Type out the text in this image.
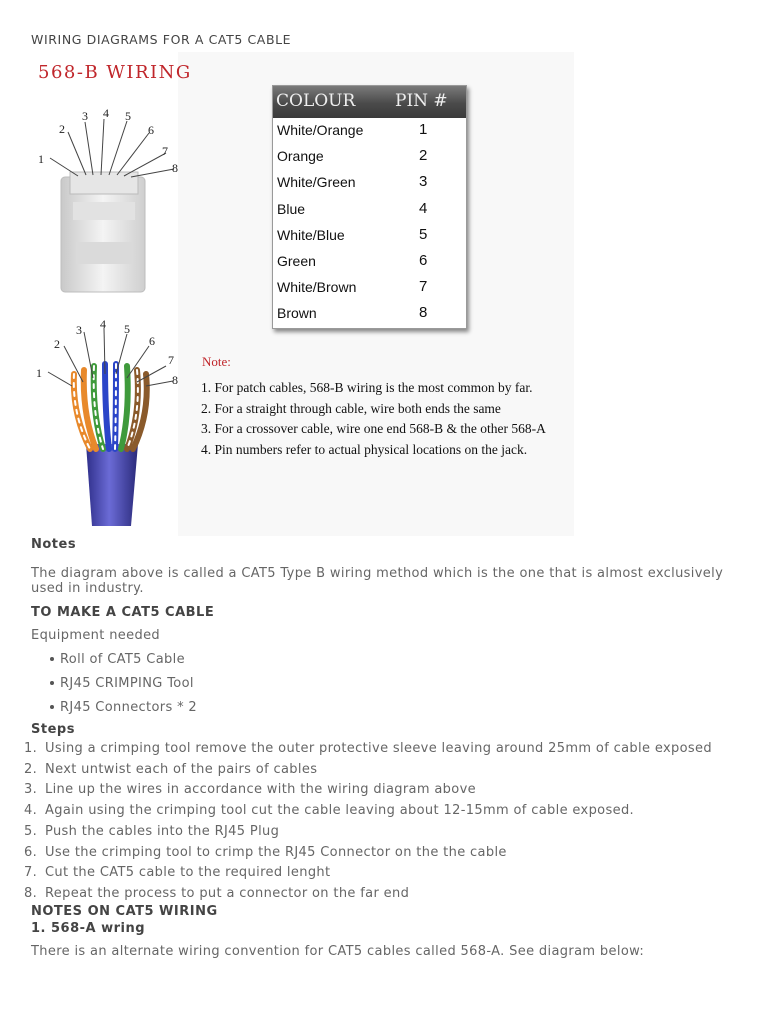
WIRING DIAGRAMS FOR A CAT5 CABLE
568-B WIRING
1
2
3 4 5
6
7
8
1
2
3 4 5
6
7
8
COLOUR PIN #
White/Orange	1
Orange	2
White/Green	3
Blue	4
White/Blue	5
Green	6
White/Brown	7
Brown	8
Note:
1. For patch cables, 568-B wiring is the most common by far.
2. For a straight through cable, wire both ends the same
3. For a crossover cable, wire one end 568-B & the other 568-A
4. Pin numbers refer to actual physical locations on the jack.
Notes
The diagram above is called a CAT5 Type B wiring method which is the one that is almost exclusively used in industry.
TO MAKE A CAT5 CABLE
Equipment needed
Roll of CAT5 Cable
RJ45 CRIMPING Tool
RJ45 Connectors * 2
Steps
1. Using a crimping tool remove the outer protective sleeve leaving around 25mm of cable exposed
2. Next untwist each of the pairs of cables
3. Line up the wires in accordance with the wiring diagram above
4. Again using the crimping tool cut the cable leaving about 12-15mm of cable exposed.
5. Push the cables into the RJ45 Plug
6. Use the crimping tool to crimp the RJ45 Connector on the the cable
7. Cut the CAT5 cable to the required lenght
8. Repeat the process to put a connector on the far end
NOTES ON CAT5 WIRING
1. 568-A wring
There is an alternate wiring convention for CAT5 cables called 568-A. See diagram below:
